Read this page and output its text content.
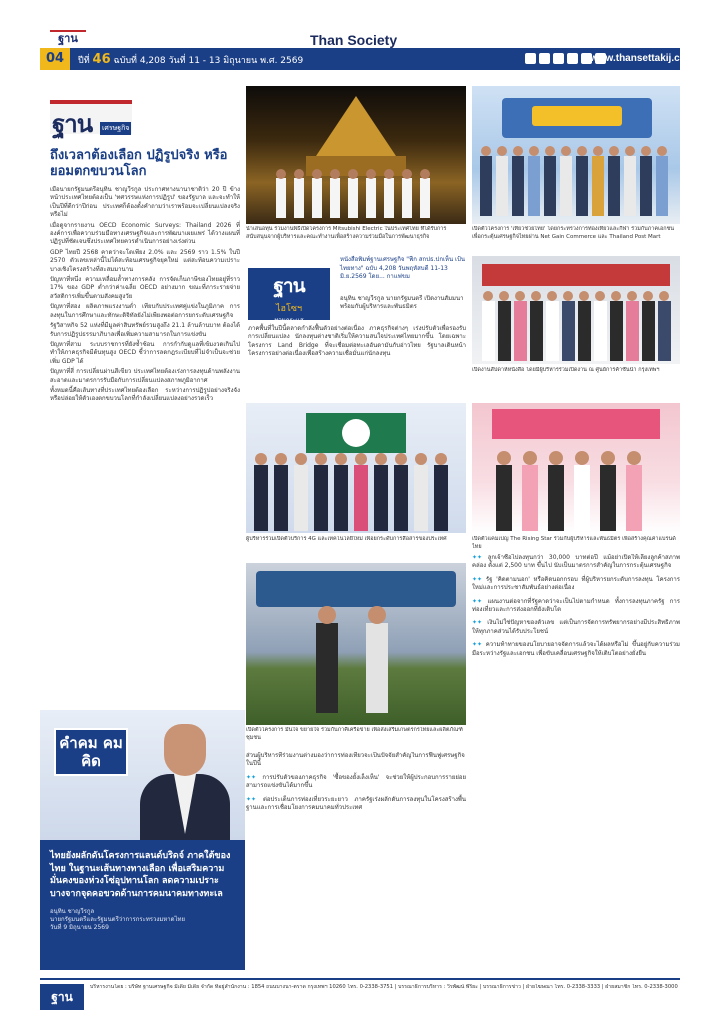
ฐาน	Than Society
04	ปีที่ 46 ฉบับที่ 4,208 วันที่ 11 - 13 มิถุนายน พ.ศ. 2569	www.thansettakij.com
ฐาน เศรษฐกิจ
ถึงเวลาต้องเลือก ปฏิรูปจริง หรือยอมตกขบวนโลก

เมื่อนายกรัฐมนตรีอนุทิน ชาญวีรกูล ประกาศทางนานาชาติว่า 20 ปี ข้างหน้าประเทศไทยต้องเป็น 'ทศวรรษแห่งการปฏิรูป' ของรัฐบาล และจะทำให้เป็นปีที่ดีกว่าปีก่อน ประเทศก็ต้องตั้งคำถามว่าเราพร้อมจะเปลี่ยนแปลงจริงหรือไม่

เมื่อดูจากรายงาน OECD Economic Surveys: Thailand 2026 ที่องค์การเพื่อความร่วมมือทางเศรษฐกิจและการพัฒนาเผยแพร่ ได้วางแผนที่ปฏิรูปที่ชัดเจนซึ่งประเทศไทยควรดำเนินการอย่างเร่งด่วน

GDP ไทยปี 2568 คาดว่าจะโตเพียง 2.0% และ 2569 ราว 1.5% ในปี 2570 ตัวเลขเหล่านี้ไม่ได้สะท้อนเศรษฐกิจยุคใหม่ แต่สะท้อนความเปราะบางเชิงโครงสร้างที่สะสมมานาน

ปัญหาที่หนึ่ง ความเหลื่อมล้ำทางการคลัง การจัดเก็บภาษีของไทยอยู่ที่ราว 17% ของ GDP ต่ำกว่าค่าเฉลี่ย OECD อย่างมาก ขณะที่ภาระรายจ่ายสวัสดิการเพิ่มขึ้นตามสังคมสูงวัย

ปัญหาที่สอง ผลิตภาพแรงงานต่ำ เทียบกับประเทศคู่แข่งในภูมิภาค การลงทุนในการศึกษาและทักษะดิจิทัลยังไม่เพียงพอต่อการยกระดับเศรษฐกิจ

รัฐวิสาหกิจ 52 แห่งที่มีมูลค่าสินทรัพย์รวมสูงถึง 21.1 ล้านล้านบาท ต้องได้รับการปฏิรูปธรรมาภิบาลเพื่อเพิ่มความสามารถในการแข่งขัน

ปัญหาที่สาม ระบบราชการที่ยังซ้ำซ้อน การกำกับดูแลที่เข้มงวดเกินไปทำให้ภาคธุรกิจมีต้นทุนสูง OECD ชี้ว่าการลดกฎระเบียบที่ไม่จำเป็นจะช่วยเพิ่ม GDP ได้

ปัญหาที่สี่ การเปลี่ยนผ่านสีเขียว ประเทศไทยต้องเร่งการลงทุนด้านพลังงานสะอาดและมาตรการรับมือกับการเปลี่ยนแปลงสภาพภูมิอากาศ

ทั้งหมดนี้คือเส้นทางที่ประเทศไทยต้องเลือก ระหว่างการปฏิรูปอย่างจริงจัง หรือปล่อยให้ตัวเองตกขบวนโลกที่กำลังเปลี่ยนแปลงอย่างรวดเร็ว

คำคม คมคิด
ไทยยังผลักดันโครงการแลนด์บริดจ์ ภาคใต้ของไทย ในฐานะเส้นทางทางเลือก เพื่อเสริมความมั่นคงของห่วงโซ่อุปทานโลก ลดความเปราะบางจากจุดคอขวดด้านการคมนาคมทางทะเล
อนุทิน ชาญวีรกูล
นายกรัฐมนตรีและรัฐมนตรีว่าการกระทรวงมหาดไทย
วันที่ 9 มิถุนายน 2569
นำเสนอทุน ร่วมงานพิธีเปิดโครงการ Mitsubishi Electric ในประเทศไทย ที่ได้รับการสนับสนุนจากผู้บริหารและคณะทำงานเพื่อสร้างความร่วมมือในการพัฒนาธุรกิจ
เปิดตัวโครงการ 'เที่ยวช่วยไทย' โดยกระทรวงการท่องเที่ยวและกีฬา ร่วมกับภาคเอกชน เพื่อกระตุ้นเศรษฐกิจไทยผ่าน Net Gain Commerce และ Thailand Post Mart
ฐาน
ไฮโซฯ
ทวนกระแส
หนังสือพิมพ์ฐานเศรษฐกิจ "ฟีก สกปธ.ปกเห็น เป้น ไทยทาง" ฉบับ 4,208 วันพฤหัสบดี 11-13 มิ.ย.2569 โดย... กาแฟขม
อนุทิน ชาญวีรกูล นายกรัฐมนตรี เปิดงานสัมมนาพร้อมกับผู้บริหารและพันธมิตร
ภาคพื้นที่ในปีนี้ตลาดกำลังฟื้นตัวอย่างต่อเนื่อง ภาคธุรกิจต่างๆ เร่งปรับตัวเพื่อรองรับการเปลี่ยนแปลง นักลงทุนต่างชาติเริ่มให้ความสนใจประเทศไทยมากขึ้น โดยเฉพาะโครงการ Land Bridge ที่จะเชื่อมต่อทะเลอันดามันกับอ่าวไทย รัฐบาลเดินหน้าโครงการอย่างต่อเนื่องเพื่อสร้างความเชื่อมั่นแก่นักลงทุน
เปิดงานสัปดาห์หนังสือ โดยมีผู้บริหารร่วมเปิดงาน ณ ศูนย์การค้าชั้นนำ กรุงเทพฯ
ผู้บริหารร่วมเปิดตัวบริการ 4G และเทคโนโลยีใหม่ เพื่อยกระดับการสื่อสารของประเทศ	เปิดตัวแคมเปญ The Rising Star ร่วมกับผู้บริหารและพันธมิตร เพื่อสร้างคุณค่าแบรนด์ไทย
เปิดตัวโครงการ มั่นใจ ขยายใจ ร่วมกับภาคีเครือข่าย เพื่อส่งเสริมเกษตรกรไทยและผลิตภัณฑ์ชุมชน

✦✦ ลูกเจ้าซื้อไปลงทุนกว่า 30,000 บาทต่อปี แม้อย่าเปิดให้เลี้ยงลูกค้าสภาพคล่อง ตั้งแต่ 2,500 บาท ขึ้นไป นับเป็นมาตรการสำคัญในการกระตุ้นเศรษฐกิจ

✦✦ รัฐ 'คิดตามนอก' หรือคิดนอกกรอบ ที่ผู้บริหารยกระดับการลงทุน โครงการใหม่และการประชาสัมพันธ์อย่างต่อเนื่อง

✦✦ แผนงานต่อจากที่รัฐคาดว่าจะเป็นไปตามกำหนด ทั้งการลงทุนภาครัฐ การท่องเที่ยวและการส่งออกที่ยังเติบโต

✦✦ เงินไม่ใช่ปัญหาของตัวเลข แต่เป็นการจัดการทรัพยากรอย่างมีประสิทธิภาพ ให้ทุกภาคส่วนได้รับประโยชน์

✦✦ ความท้าทายของนโยบายอาจจัดการแล้วจะได้ผลหรือไม่ ขึ้นอยู่กับความร่วมมือระหว่างรัฐและเอกชน เพื่อขับเคลื่อนเศรษฐกิจให้เติบโตอย่างยั่งยืน

ส่วนผู้บริหารที่ร่วมงานต่างมองว่าการท่องเที่ยวจะเป็นปัจจัยสำคัญในการฟื้นฟูเศรษฐกิจในปีนี้

✦✦ การปรับตัวของภาคธุรกิจ 'ซื้อของยั้งเล็งเห็น' จะช่วยให้ผู้ประกอบการรายย่อยสามารถแข่งขันได้มากขึ้น

✦✦ ต่อประเด็นการท่องเที่ยวระยะยาว ภาครัฐเร่งผลักดันการลงทุนในโครงสร้างพื้นฐานและการเชื่อมโยงการคมนาคมทั่วประเทศ

ฐาน
บริหารงานโดย : บริษัท ฐานเศรษฐกิจ มีเดีย มีเดีย จำกัด ที่อยู่สำนักงาน : 1854 ถนนบางนา-ตราด กรุงเทพฯ 10260 โทร. 0-2338-3751 | บรรณาธิการบริหาร : วีรพัฒน์ พิริยะ | บรรณาธิการข่าว | ฝ่ายโฆษณา โทร. 0-2338-3333 | ฝ่ายสมาชิก โทร. 0-2338-3000
